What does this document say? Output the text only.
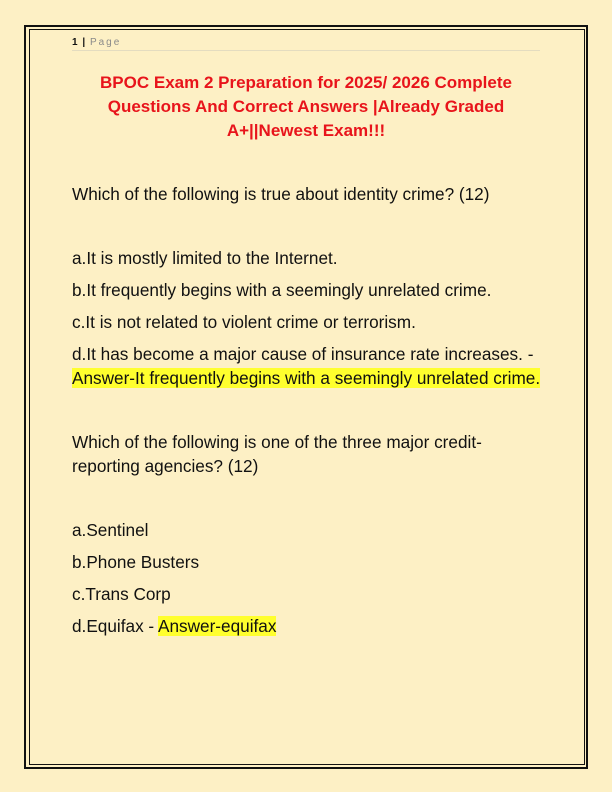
1 | Page
BPOC Exam 2 Preparation for 2025/ 2026 Complete Questions And Correct Answers |Already Graded A+||Newest Exam!!!

Which of the following is true about identity crime? (12)

a.It is mostly limited to the Internet.

b.It frequently begins with a seemingly unrelated crime.

c.It is not related to violent crime or terrorism.

d.It has become a major cause of insurance rate increases. - Answer-It frequently begins with a seemingly unrelated crime.

Which of the following is one of the three major credit-reporting agencies? (12)

a.Sentinel

b.Phone Busters

c.Trans Corp

d.Equifax - Answer-equifax
